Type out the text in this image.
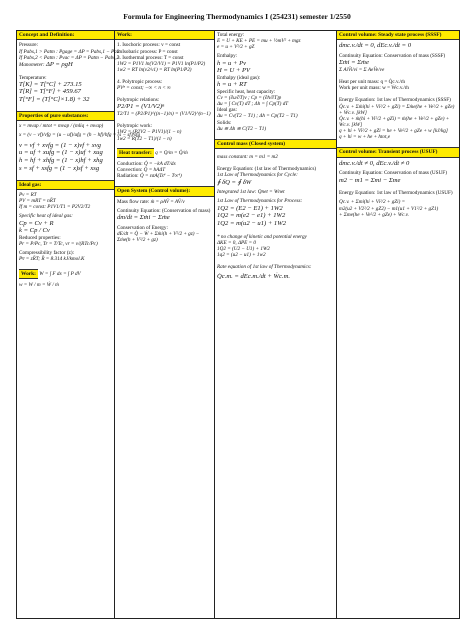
Formula for Engineering Thermodynamics I (254231) semester 1/2550
Concept and Definition:
Pressure:
If Pabs,1 > Patm : Pgage = ΔP = Pabs,1 − Patm
If Pabs,2 < Patm : Pvac = ΔP = Patm − Pabs,2
Manometer: ΔP = ρgH
Temperature:
T[K] = T[°C] + 273.15
T[R] = T[°F] + 459.67
T[°F] = (T[°C]×1.8) + 32
Properties of pure substances:
x = mvap / mtot = mvap / (mliq + mvap)
x = (v − vf)/vfg = (u − uf)/ufg = (h − hf)/hfg = (s − sf)/sfg
v = vf + xvfg = (1 − x)vf + xvg
u = uf + xufg = (1 − x)uf + xug
h = hf + xhfg = (1 − x)hf + xhg
s = sf + xsfg = (1 − x)sf + xsg
Ideal gas:
Pv = RT
PV = mRT = nR̄T
If m = const: P1V1/T1 = P2V2/T2
Specific heat of ideal gas:
Cp = Cv + R
k = Cp / Cv
Reduced properties:
Pr = P/Pc, Tr = T/Tc, vr = v/(RTc/Pc)
Compressibility factor (z):
Pv̄ = zR̄T; R̄ = 8.314 kJ/kmol.K
Work: W = ∫ F dx = ∫ P dV
w = W / m = Ẇ / ṁ
Work:
1. Isochoric process: v = const
2. Isobaric process: P = const
3. Isothermal process: T = const
1W2 = P1V1 ln(V2/V1) = P1V1 ln(P1/P2)
1w2 = RT ln(v2/v1) = RT ln(P1/P2)
4. Polytropic process:
PVⁿ = const; −∞ < n < ∞
Polytropic relations:
P2/P1 = (V1/V2)ⁿ
T2/T1 = (P2/P1)^((n−1)/n) = (V1/V2)^(n−1)
Polytropic work:
1W2 = (P2V2 − P1V1)/(1 − n)
1w2 = R(T2 − T1)/(1 − n)
Heat transfer: q = Q/m = Q̇/ṁ
Conduction: Q̇ = −kA dT/dx
Convection: Q̇ = hAΔT
Radiation: Q̇ = εσA(Ts⁴ − T∞⁴)
Open System (Control volume):
Mass flow rate: ṁ = ρAV̄ = AV̄/v
Continuity Equation: (Conservation of mass)
dm/dt = Σṁi − Σṁe
Conservation of Energy:
dE/dt = Q̇ − Ẇ + Σṁi(h + V²/2 + gz) − Σṁe(h + V²/2 + gz)
Total energy:
E = U + KE + PE = mu + ½mV² + mgz
e = u + V²/2 + gZ
Enthalpy:
h = u + Pv
H = U + PV
Enthalpy (ideal gas):
h = u + RT
Specific heat, heat capacity:
Cv = (∂u/∂T)v ; Cp = (∂h/∂T)p
Δu = ∫ Cv(T) dT ; Δh = ∫ Cp(T) dT
Ideal gas:
Δu = Cv(T2 − T1) ; Δh = Cp(T2 − T1)
Solids:
Δu ≅ Δh ≅ C(T2 − T1)
Control mass (Closed system)
mass constant: m = m1 = m2
Energy Equation: (1st law of Thermodynamics)
1st Law of Thermodynamics for Cycle:
∮ δQ = ∮ δW
Integrated 1st law: Qnet = Wnet
1st Law of Thermodynamics for Process:
1Q2 = (E2 − E1) + 1W2
1Q2 = m(e2 − e1) + 1W2
1Q2 = m(u2 − u1) + 1W2
* no change of kinetic and potential energy
ΔKE = 0, ΔPE = 0
1Q2 = (U2 − U1) + 1W2
1q2 = (u2 − u1) + 1w2
Rate equation of 1st law of Thermodynamics:
Q̇c.m. = dEc.m./dt + Ẇc.m.
Control volume: Steady state process (SSSF)
dmc.v./dt = 0, dEc.v./dt = 0
Continuity Equation: Conservation of mass (SSSF)
Σṁi = Σṁe
Σ AiV̄i/vi = Σ AeV̄e/ve
Heat per unit mass: q = Q̇c.v./ṁ
Work per unit mass: w = Ẇc.v./ṁ
Energy Equation: 1st law of Thermodynamics (SSSF)
Q̇c.v. + Σṁi(hi + Vi²/2 + gZi) = Σṁe(he + Ve²/2 + gZe) + Ẇc.v. [kW]
Q̇c.v. + ṁ(hi + Vi²/2 + gZi) = ṁ(he + Ve²/2 + gZe) + Ẇc.v. [kW]
q + hi + Vi²/2 + gZi = he + Ve²/2 + gZe + w [kJ/kg]
q + hi = w + he + htot,e
Control volume: Transient process (USUF)
dmc.v./dt ≠ 0, dEc.v./dt ≠ 0
Continuity Equation: Conservation of mass (USUF)
m2 − m1 = Σmi − Σme
Energy Equation: 1st law of Thermodynamics (USUF)
Qc.v. + Σmi(hi + Vi²/2 + gZi) =
m2(u2 + V2²/2 + gZ2) − m1(u1 + V1²/2 + gZ1)
+ Σme(he + Ve²/2 + gZe) + Wc.v.
